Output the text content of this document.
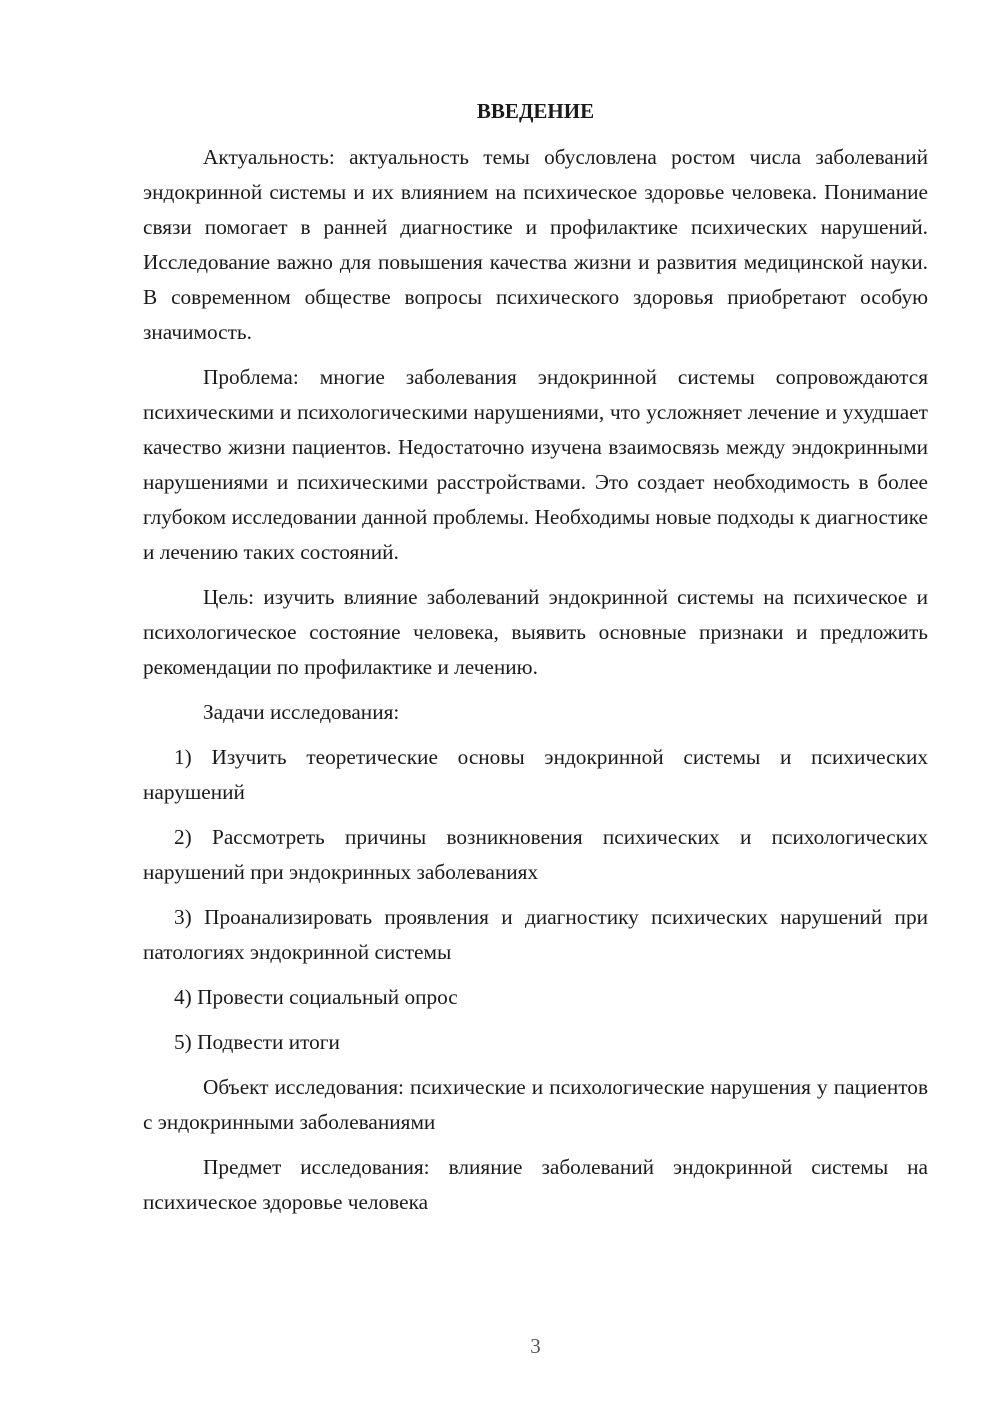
ВВЕДЕНИЕ

Актуальность: актуальность темы обусловлена ростом числа заболеваний эндокринной системы и их влиянием на психическое здоровье человека. Понимание связи помогает в ранней диагностике и профилактике психических нарушений. Исследование важно для повышения качества жизни и развития медицинской науки. В современном обществе вопросы психического здоровья приобретают особую значимость.

Проблема: многие заболевания эндокринной системы сопровождаются психическими и психологическими нарушениями, что усложняет лечение и ухудшает качество жизни пациентов. Недостаточно изучена взаимосвязь между эндокринными нарушениями и психическими расстройствами. Это создает необходимость в более глубоком исследовании данной проблемы. Необходимы новые подходы к диагностике и лечению таких состояний.

Цель: изучить влияние заболеваний эндокринной системы на психическое и психологическое состояние человека, выявить основные признаки и предложить рекомендации по профилактике и лечению.

Задачи исследования:

1) Изучить теоретические основы эндокринной системы и психических нарушений

2) Рассмотреть причины возникновения психических и психологических нарушений при эндокринных заболеваниях

3) Проанализировать проявления и диагностику психических нарушений при патологиях эндокринной системы

4) Провести социальный опрос

5) Подвести итоги

Объект исследования: психические и психологические нарушения у пациентов с эндокринными заболеваниями

Предмет исследования: влияние заболеваний эндокринной системы на психическое здоровье человека

3
